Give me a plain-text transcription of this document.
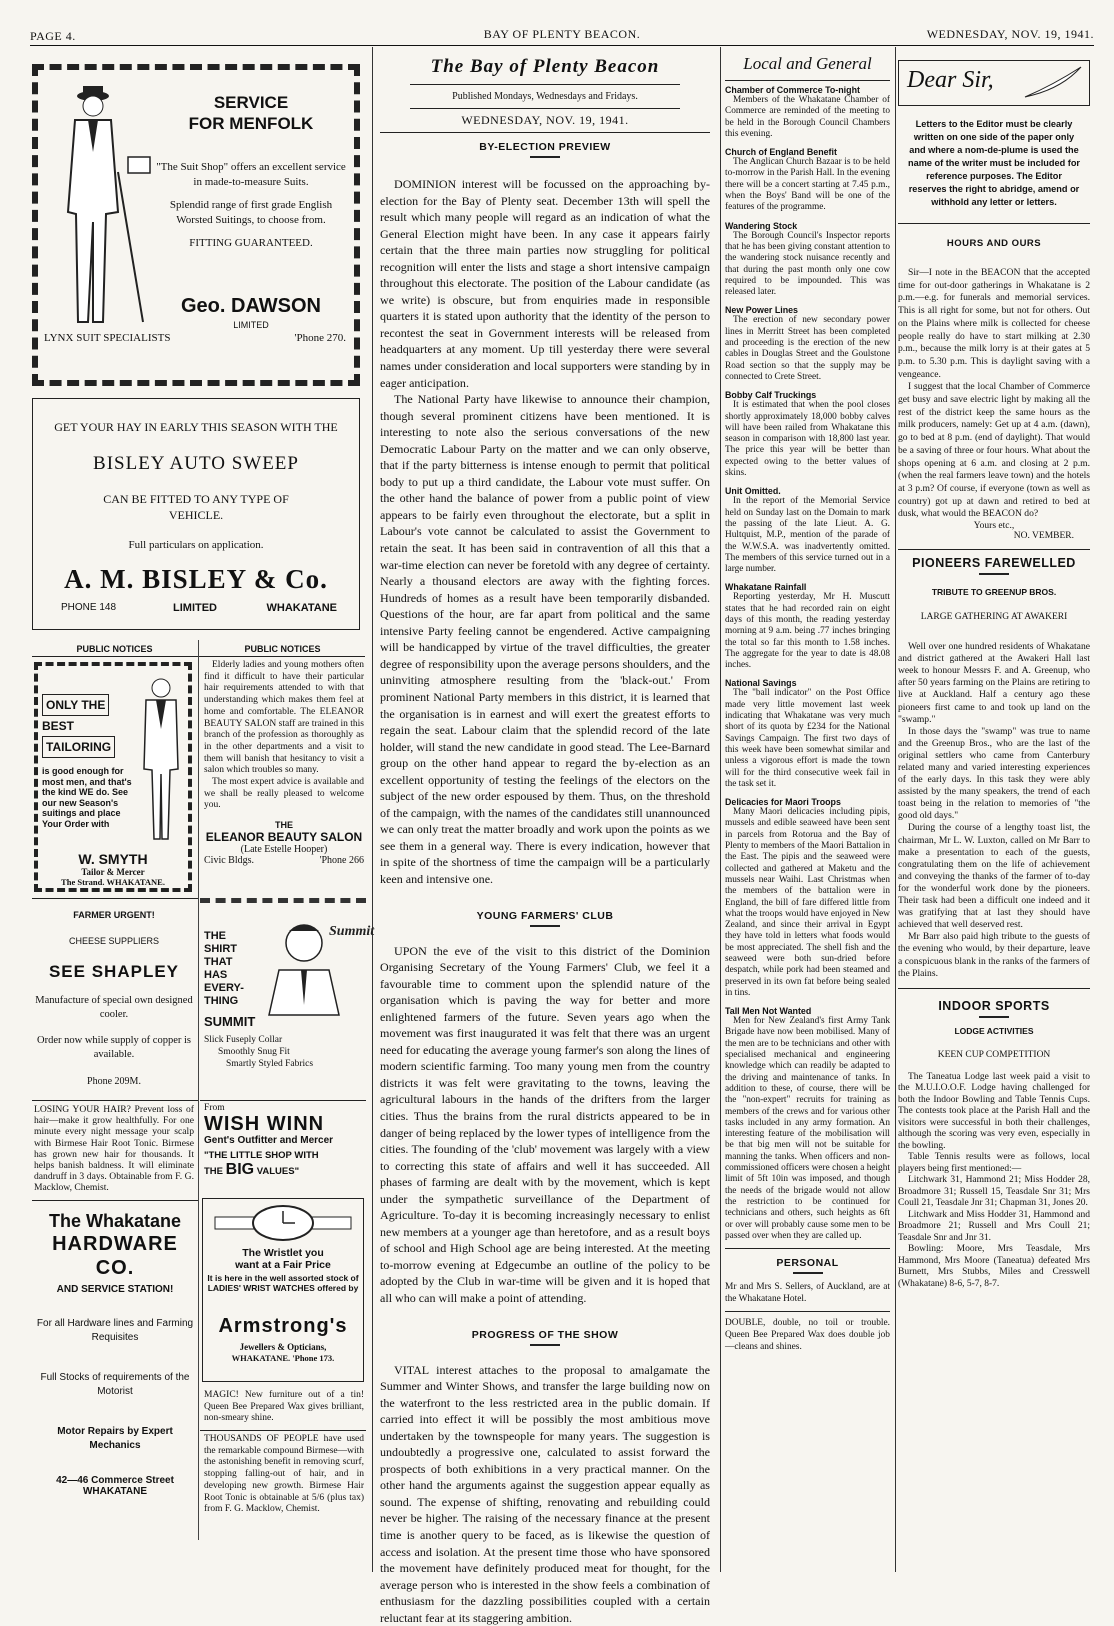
PAGE 4.	BAY OF PLENTY BEACON.	WEDNESDAY, NOV. 19, 1941.
SERVICE
FOR MENFOLK
"The Suit Shop" offers an excellent service in made-to-measure Suits.
Splendid range of first grade English Worsted Suitings, to choose from.
FITTING GUARANTEED.
Geo. DAWSON
LIMITED
LYNX SUIT SPECIALISTS	'Phone 270.
GET YOUR HAY IN EARLY THIS SEASON WITH THE
BISLEY AUTO SWEEP
CAN BE FITTED TO ANY TYPE OF VEHICLE.
Full particulars on application.
A. M. BISLEY & Co.
PHONE 148	LIMITED	WHAKATANE
PUBLIC NOTICES	PUBLIC NOTICES
ONLY THE
BEST
TAILORING
is good enough for most men, and that's the kind WE do. See our new Season's suitings and place Your Order with
W. SMYTH
Tailor & Mercer
The Strand. WHAKATANE.
Elderly ladies and young mothers often find it difficult to have their particular hair requirements attended to with that understanding which makes them feel at home and comfortable. The ELEANOR BEAUTY SALON staff are trained in this branch of the profession as thoroughly as in the other departments and a visit to them will banish that hesitancy to visit a salon which troubles so many.
The most expert advice is available and we shall be really pleased to welcome you.
THE
ELEANOR BEAUTY SALON
(Late Estelle Hooper)
Civic Bldgs.	'Phone 266
FARMER URGENT!
CHEESE SUPPLIERS
SEE SHAPLEY
Manufacture of special own designed cooler.
Order now while supply of copper is available.
Phone 209M.
THE
SHIRT
THAT
HAS
EVERY-
THING
Summit
SUMMIT
Slick Fuseply Collar
Smoothly Snug Fit
Smartly Styled Fabrics
LOSING YOUR HAIR? Prevent loss of hair—make it grow healthfully. For one minute every night message your scalp with Birmese Hair Root Tonic. Birmese has grown new hair for thousands. It helps banish baldness. It will eliminate dandruff in 3 days. Obtainable from F. G. Macklow, Chemist.
From
WISH WINN
Gent's Outfitter and Mercer
"THE LITTLE SHOP WITH
THE BIG VALUES"
The Whakatane
HARDWARE CO.
AND SERVICE STATION!
For all Hardware lines and Farming Requisites
Full Stocks of requirements of the Motorist
Motor Repairs by Expert Mechanics
42—46 Commerce Street
WHAKATANE
The Wristlet you
want at a Fair Price
It is here in the well assorted stock of LADIES' WRIST WATCHES offered by
Armstrong's
Jewellers & Opticians,
WHAKATANE. 'Phone 173.
MAGIC! New furniture out of a tin! Queen Bee Prepared Wax gives brilliant, non-smeary shine.
THOUSANDS OF PEOPLE have used the remarkable compound Birmese—with the astonishing benefit in removing scurf, stopping falling-out of hair, and in developing new growth. Birmese Hair Root Tonic is obtainable at 5/6 (plus tax) from F. G. Macklow, Chemist.
The Bay of Plenty Beacon
Published Mondays, Wednesdays and Fridays.
WEDNESDAY, NOV. 19, 1941.
BY-ELECTION PREVIEW

DOMINION interest will be focussed on the approaching by-election for the Bay of Plenty seat. December 13th will spell the result which many people will regard as an indication of what the General Election might have been. In any case it appears fairly certain that the three main parties now struggling for political recognition will enter the lists and stage a short intensive campaign throughout this electorate. The position of the Labour candidate (as we write) is obscure, but from enquiries made in responsible quarters it is stated upon authority that the identity of the person to recontest the seat in Government interests will be released from headquarters at any moment. Up till yesterday there were several names under consideration and local supporters were standing by in eager anticipation.

The National Party have likewise to announce their champion, though several prominent citizens have been mentioned. It is interesting to note also the serious conversations of the new Democratic Labour Party on the matter and we can only observe, that if the party bitterness is intense enough to permit that political body to put up a third candidate, the Labour vote must suffer. On the other hand the balance of power from a public point of view appears to be fairly even throughout the electorate, but a split in Labour's vote cannot be calculated to assist the Government to retain the seat. It has been said in contravention of all this that a war-time election can never be foretold with any degree of certainty. Nearly a thousand electors are away with the fighting forces. Hundreds of homes as a result have been temporarily disbanded. Questions of the hour, are far apart from political and the same intensive Party feeling cannot be engendered. Active campaigning will be handicapped by virtue of the travel difficulties, the greater degree of responsibility upon the average persons shoulders, and the uninviting atmosphere resulting from the 'black-out.' From prominent National Party members in this district, it is learned that the organisation is in earnest and will exert the greatest efforts to regain the seat. Labour claim that the splendid record of the late holder, will stand the new candidate in good stead. The Lee-Barnard group on the other hand appear to regard the by-election as an excellent opportunity of testing the feelings of the electors on the subject of the new order espoused by them. Thus, on the threshold of the campaign, with the names of the candidates still unannounced we can only treat the matter broadly and work upon the points as we see them in a general way. There is every indication, however that in spite of the shortness of time the campaign will be a particularly keen and intensive one.

YOUNG FARMERS' CLUB

UPON the eve of the visit to this district of the Dominion Organising Secretary of the Young Farmers' Club, we feel it a favourable time to comment upon the splendid nature of the organisation which is paving the way for better and more enlightened farmers of the future. Seven years ago when the movement was first inaugurated it was felt that there was an urgent need for educating the average young farmer's son along the lines of modern scientific farming. Too many young men from the country districts it was felt were gravitating to the towns, leaving the agricultural labours in the hands of the drifters from the larger cities. Thus the brains from the rural districts appeared to be in danger of being replaced by the lower types of intelligence from the cities. The founding of the 'club' movement was largely with a view to correcting this state of affairs and well it has succeeded. All phases of farming are dealt with by the movement, which is kept under the sympathetic surveillance of the Department of Agriculture. To-day it is becoming increasingly necessary to enlist new members at a younger age than heretofore, and as a result boys of school and High School age are being interested. At the meeting to-morrow evening at Edgecumbe an outline of the policy to be adopted by the Club in war-time will be given and it is hoped that all who can will make a point of attending.

PROGRESS OF THE SHOW

VITAL interest attaches to the proposal to amalgamate the Summer and Winter Shows, and transfer the large building now on the waterfront to the less restricted area in the public domain. If carried into effect it will be possibly the most ambitious move undertaken by the townspeople for many years. The suggestion is undoubtedly a progressive one, calculated to assist forward the prospects of both exhibitions in a very practical manner. On the other hand the arguments against the suggestion appear equally as sound. The expense of shifting, renovating and rebuilding could never be higher. The raising of the necessary finance at the present time is another query to be faced, as is likewise the question of access and isolation. At the present time those who have sponsored the movement have definitely produced meat for thought, for the average person who is interested in the show feels a combination of enthusiasm for the dazzling possibilities coupled with a certain reluctant fear at its staggering ambition.

Local and General
Chamber of Commerce To-night
Members of the Whakatane Chamber of Commerce are reminded of the meeting to be held in the Borough Council Chambers this evening.
Church of England Benefit
The Anglican Church Bazaar is to be held to-morrow in the Parish Hall. In the evening there will be a concert starting at 7.45 p.m., when the Boys' Band will be one of the features of the programme.
Wandering Stock
The Borough Council's Inspector reports that he has been giving constant attention to the wandering stock nuisance recently and that during the past month only one cow required to be impounded. This was released later.
New Power Lines
The erection of new secondary power lines in Merritt Street has been completed and proceeding is the erection of the new cables in Douglas Street and the Goulstone Road section so that the supply may be connected to Crete Street.
Bobby Calf Truckings
It is estimated that when the pool closes shortly approximately 18,000 bobby calves will have been railed from Whakatane this season in comparison with 18,800 last year. The price this year will be better than expected owing to the better values of skins.
Unit Omitted.
In the report of the Memorial Service held on Sunday last on the Domain to mark the passing of the late Lieut. A. G. Hultquist, M.P., mention of the parade of the W.W.S.A. was inadvertently omitted. The members of this service turned out in a large number.
Whakatane Rainfall
Reporting yesterday, Mr H. Muscutt states that he had recorded rain on eight days of this month, the reading yesterday morning at 9 a.m. being .77 inches bringing the total so far this month to 1.58 inches. The aggregate for the year to date is 48.08 inches.
National Savings
The "ball indicator" on the Post Office made very little movement last week indicating that Whakatane was very much short of its quota by £234 for the National Savings Campaign. The first two days of this week have been somewhat similar and unless a vigorous effort is made the town will for the third consecutive week fail in the task set it.
Delicacies for Maori Troops
Many Maori delicacies including pipis, mussels and edible seaweed have been sent in parcels from Rotorua and the Bay of Plenty to members of the Maori Battalion in the East. The pipis and the seaweed were collected and gathered at Maketu and the mussels near Waihi. Last Christmas when the members of the battalion were in England, the bill of fare differed little from what the troops would have enjoyed in New Zealand, and since their arrival in Egypt they have told in letters what foods would be most appreciated. The shell fish and the seaweed were both sun-dried before despatch, while pork had been steamed and preserved in its own fat before being sealed in tins.
Tall Men Not Wanted
Men for New Zealand's first Army Tank Brigade have now been mobilised. Many of the men are to be technicians and other with specialised mechanical and engineering knowledge which can readily be adapted to the driving and maintenance of tanks. In addition to these, of course, there will be the "non-expert" recruits for training as members of the crews and for various other tasks included in any army formation. An interesting feature of the mobilisation will be that big men will not be suitable for manning the tanks. When officers and non-commissioned officers were chosen a height limit of 5ft 10in was imposed, and though the needs of the brigade would not allow the restriction to be continued for technicians and others, such heights as 6ft or over will probably cause some men to be passed over when they are called up.
PERSONAL
Mr and Mrs S. Sellers, of Auckland, are at the Whakatane Hotel.
DOUBLE, double, no toil or trouble. Queen Bee Prepared Wax does double job—cleans and shines.
Dear Sir,
Letters to the Editor must be clearly written on one side of the paper only and where a nom-de-plume is used the name of the writer must be included for reference purposes. The Editor reserves the right to abridge, amend or withhold any letter or letters.
HOURS AND OURS

Sir—I note in the BEACON that the accepted time for out-door gatherings in Whakatane is 2 p.m.—e.g. for funerals and memorial services. This is all right for some, but not for others. Out on the Plains where milk is collected for cheese people really do have to start milking at 2.30 p.m., because the milk lorry is at their gates at 5 p.m. to 5.30 p.m. This is daylight saving with a vengeance.

I suggest that the local Chamber of Commerce get busy and save electric light by making all the rest of the district keep the same hours as the milk producers, namely: Get up at 4 a.m. (dawn), go to bed at 8 p.m. (end of daylight). That would be a saving of three or four hours. What about the shops opening at 6 a.m. and closing at 2 p.m. (when the real farmers leave town) and the hotels at 3 p.m? Of course, if everyone (town as well as country) got up at dawn and retired to bed at dusk, what would the BEACON do?

Yours etc.,
NO. VEMBER.
PIONEERS FAREWELLED
TRIBUTE TO GREENUP BROS.
LARGE GATHERING AT AWAKERI

Well over one hundred residents of Whakatane and district gathered at the Awakeri Hall last week to honour Messrs F. and A. Greenup, who after 50 years farming on the Plains are retiring to live at Auckland. Half a century ago these pioneers first came to and took up land on the "swamp."

In those days the "swamp" was true to name and the Greenup Bros., who are the last of the original settlers who came from Canterbury related many and varied interesting experiences of the early days. In this task they were ably assisted by the many speakers, the trend of each toast being in the relation to memories of "the good old days."

During the course of a lengthy toast list, the chairman, Mr L. W. Luxton, called on Mr Barr to make a presentation to each of the guests, congratulating them on the life of achievement and conveying the thanks of the farmer of to-day for the wonderful work done by the pioneers. Their task had been a difficult one indeed and it was gratifying that at last they should have achieved that well deserved rest.

Mr Barr also paid high tribute to the guests of the evening who would, by their departure, leave a conspicuous blank in the ranks of the farmers of the Plains.

INDOOR SPORTS
LODGE ACTIVITIES
KEEN CUP COMPETITION

The Taneatua Lodge last week paid a visit to the M.U.I.O.O.F. Lodge having challenged for both the Indoor Bowling and Table Tennis Cups. The contests took place at the Parish Hall and the visitors were successful in both their challenges, although the scoring was very even, especially in the bowling.

Table Tennis results were as follows, local players being first mentioned:—

Litchwark 31, Hammond 21; Miss Hodder 28, Broadmore 31; Russell 15, Teasdale Snr 31; Mrs Coull 21, Teasdale Jnr 31; Chapman 31, Jones 20.

Litchwark and Miss Hodder 31, Hammond and Broadmore 21; Russell and Mrs Coull 21; Teasdale Snr and Jnr 31.

Bowling: Moore, Mrs Teasdale, Mrs Hammond, Mrs Moore (Taneatua) defeated Mrs Burnett, Mrs Stubbs, Miles and Cresswell (Whakatane) 8-6, 5-7, 8-7.
